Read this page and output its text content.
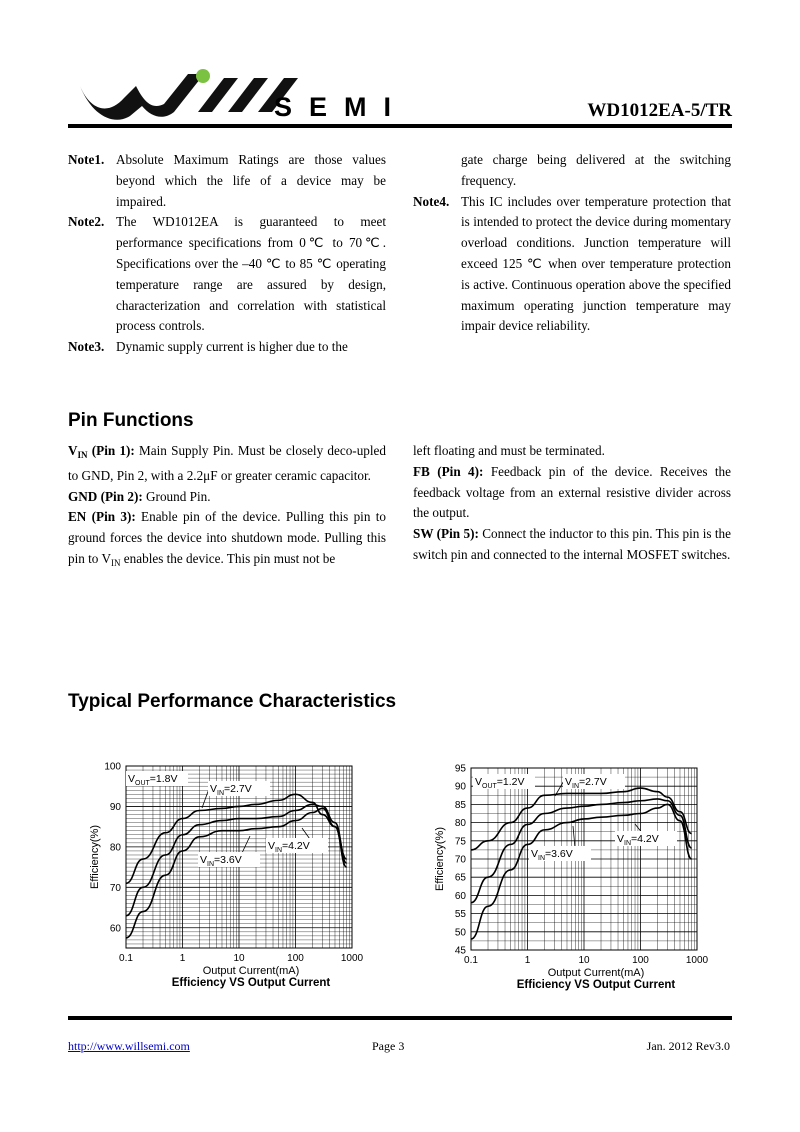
SEMI	WD1012EA-5/TR
Note1. Absolute Maximum Ratings are those values beyond which the life of a device may be impaired.
Note2. The WD1012EA is guaranteed to meet performance specifications from 0℃ to 70℃. Specifications over the –40 ℃ to 85 ℃ operating temperature range are assured by design, characterization and correlation with statistical process controls.
Note3. Dynamic supply current is higher due to the
gate charge being delivered at the switching frequency.
Note4. This IC includes over temperature protection that is intended to protect the device during momentary overload conditions. Junction temperature will exceed 125 ℃ when over temperature protection is active. Continuous operation above the specified maximum operating junction temperature may impair device reliability.
Pin Functions

$V_{IN}$ (Pin 1): Main Supply Pin. Must be closely deco-upled to GND, Pin 2, with a 2.2μF or greater ceramic capacitor.

GND (Pin 2): Ground Pin.

EN (Pin 3): Enable pin of the device. Pulling this pin to ground forces the device into shutdown mode. Pulling this pin to $V_{IN}$ enables the device. This pin must not be

left floating and must be terminated.

FB (Pin 4): Feedback pin of the device. Receives the feedback voltage from an external resistive divider across the output.

SW (Pin 5): Connect the inductor to this pin. This pin is the switch pin and connected to the internal MOSFET switches.

Typical Performance Characteristics
0.1	1	10	100	1000
60
70
80
90
100
Output Current(mA)
Efficiency(%)
Efficiency VS Output Current
$V_{OUT}=1.8V$
$V_{IN}=2.7V$
$V_{IN}=4.2V$
$V_{IN}=3.6V$
0.1	1	10	100	1000
45
50
55
60
65
70
75
80
85
90
95
Output Current(mA)
Efficiency(%)
Efficiency VS Output Current
$V_{OUT}=1.2V$	$V_{IN}=2.7V$
$V_{IN}=4.2V$
$V_{IN}=3.6V$
http://www.willsemi.com	Page 3	Jan. 2012 Rev3.0
